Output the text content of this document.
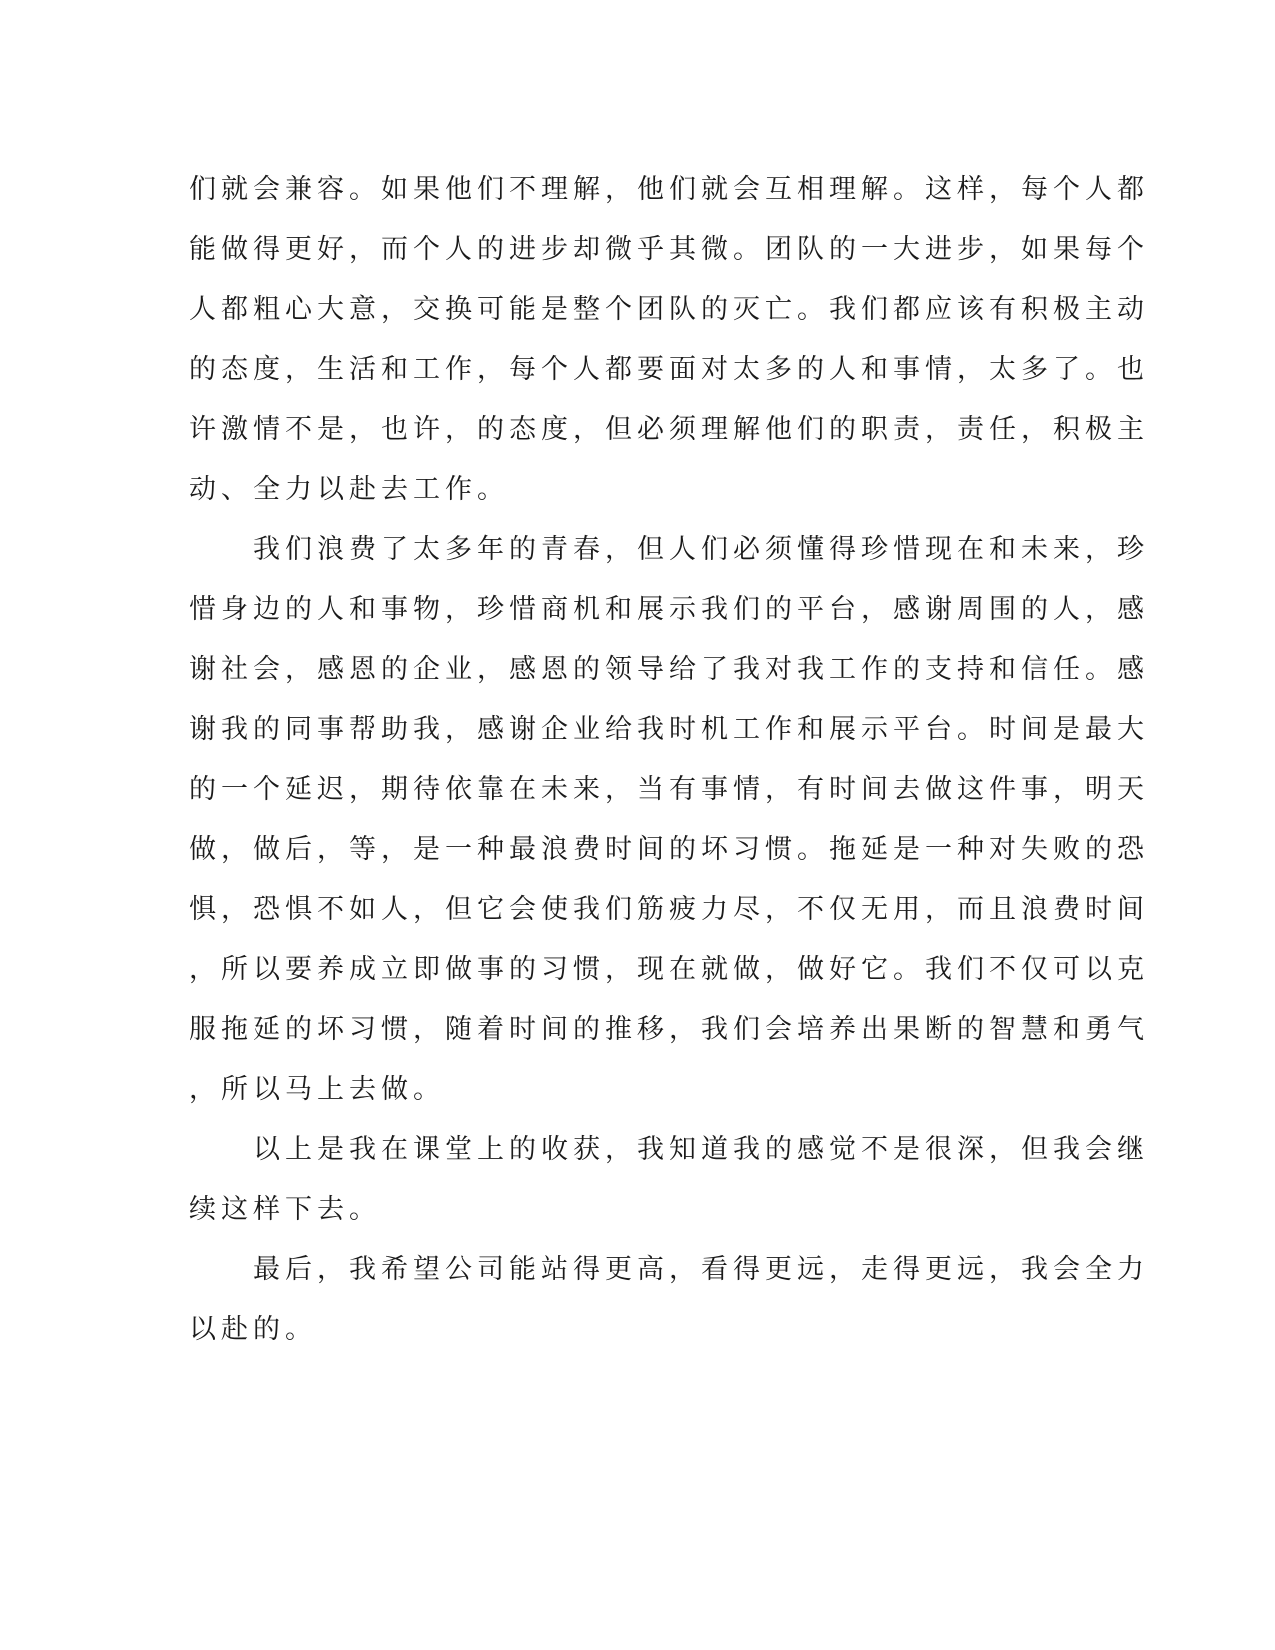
们就会兼容。如果他们不理解，他们就会互相理解。这样，每个人都
能做得更好，而个人的进步却微乎其微。团队的一大进步，如果每个
人都粗心大意，交换可能是整个团队的灭亡。我们都应该有积极主动
的态度，生活和工作，每个人都要面对太多的人和事情，太多了。也
许激情不是，也许，的态度，但必须理解他们的职责，责任，积极主
动、全力以赴去工作。
　　我们浪费了太多年的青春，但人们必须懂得珍惜现在和未来，珍
惜身边的人和事物，珍惜商机和展示我们的平台，感谢周围的人，感
谢社会，感恩的企业，感恩的领导给了我对我工作的支持和信任。感
谢我的同事帮助我，感谢企业给我时机工作和展示平台。时间是最大
的一个延迟，期待依靠在未来，当有事情，有时间去做这件事，明天
做，做后，等，是一种最浪费时间的坏习惯。拖延是一种对失败的恐
惧，恐惧不如人，但它会使我们筋疲力尽，不仅无用，而且浪费时间
，所以要养成立即做事的习惯，现在就做，做好它。我们不仅可以克
服拖延的坏习惯，随着时间的推移，我们会培养出果断的智慧和勇气
，所以马上去做。
　　以上是我在课堂上的收获，我知道我的感觉不是很深，但我会继
续这样下去。
　　最后，我希望公司能站得更高，看得更远，走得更远，我会全力
以赴的。
